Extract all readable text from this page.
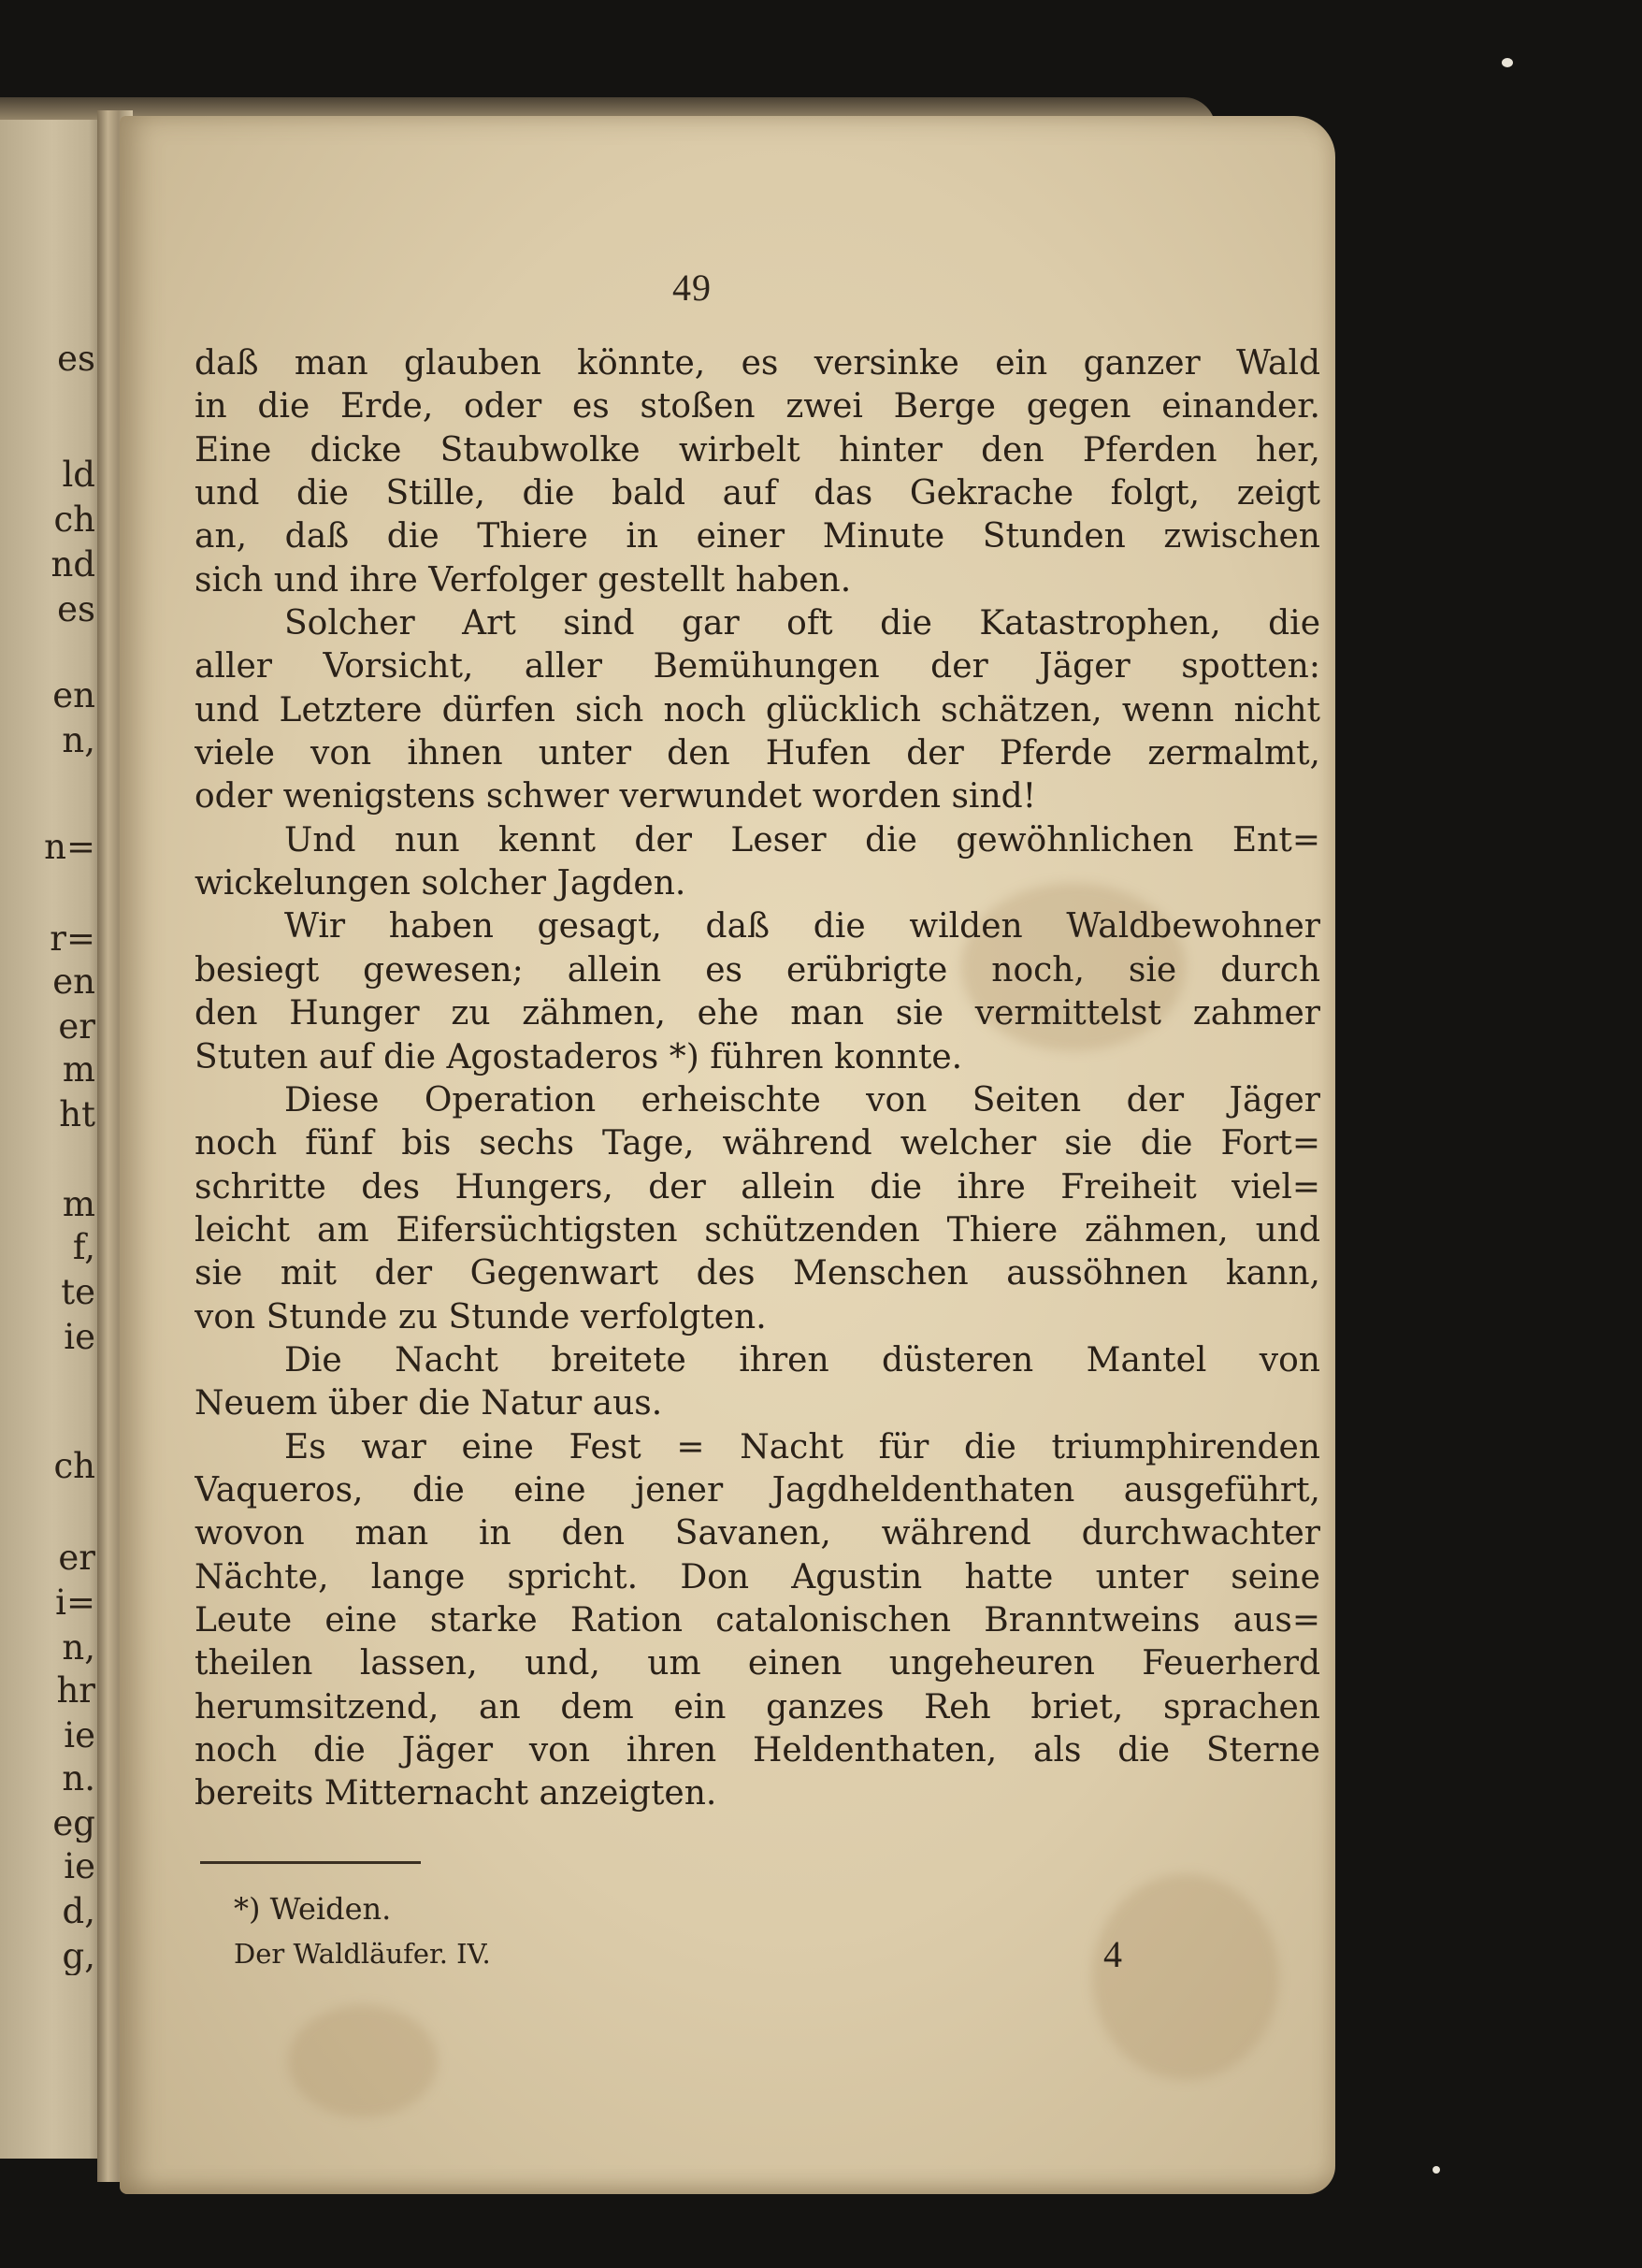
es
ld
ch
nd
es
en
n,
n=
r=
en
er
m
ht
m
f,
te
ie
ch
er
i=
n,
hr
ie
n.
eg
ie
d,
g,
49
daß man glauben könnte, es versinke ein ganzer Wald
in die Erde, oder es stoßen zwei Berge gegen einander.
Eine dicke Staubwolke wirbelt hinter den Pferden her,
und die Stille, die bald auf das Gekrache folgt, zeigt
an, daß die Thiere in einer Minute Stunden zwischen
sich und ihre Verfolger gestellt haben.
Solcher Art sind gar oft die Katastrophen, die
aller Vorsicht, aller Bemühungen der Jäger spotten:
und Letztere dürfen sich noch glücklich schätzen, wenn nicht
viele von ihnen unter den Hufen der Pferde zermalmt,
oder wenigstens schwer verwundet worden sind!
Und nun kennt der Leser die gewöhnlichen Ent=
wickelungen solcher Jagden.
Wir haben gesagt, daß die wilden Waldbewohner
besiegt gewesen; allein es erübrigte noch, sie durch
den Hunger zu zähmen, ehe man sie vermittelst zahmer
Stuten auf die Agostaderos *) führen konnte.
Diese Operation erheischte von Seiten der Jäger
noch fünf bis sechs Tage, während welcher sie die Fort=
schritte des Hungers, der allein die ihre Freiheit viel=
leicht am Eifersüchtigsten schützenden Thiere zähmen, und
sie mit der Gegenwart des Menschen aussöhnen kann,
von Stunde zu Stunde verfolgten.
Die Nacht breitete ihren düsteren Mantel von
Neuem über die Natur aus.
Es war eine Fest = Nacht für die triumphirenden
Vaqueros, die eine jener Jagdheldenthaten ausgeführt,
wovon man in den Savanen, während durchwachter
Nächte, lange spricht. Don Agustin hatte unter seine
Leute eine starke Ration catalonischen Branntweins aus=
theilen lassen, und, um einen ungeheuren Feuerherd
herumsitzend, an dem ein ganzes Reh briet, sprachen
noch die Jäger von ihren Heldenthaten, als die Sterne
bereits Mitternacht anzeigten.
*) Weiden.
Der Waldläufer. IV.	4
